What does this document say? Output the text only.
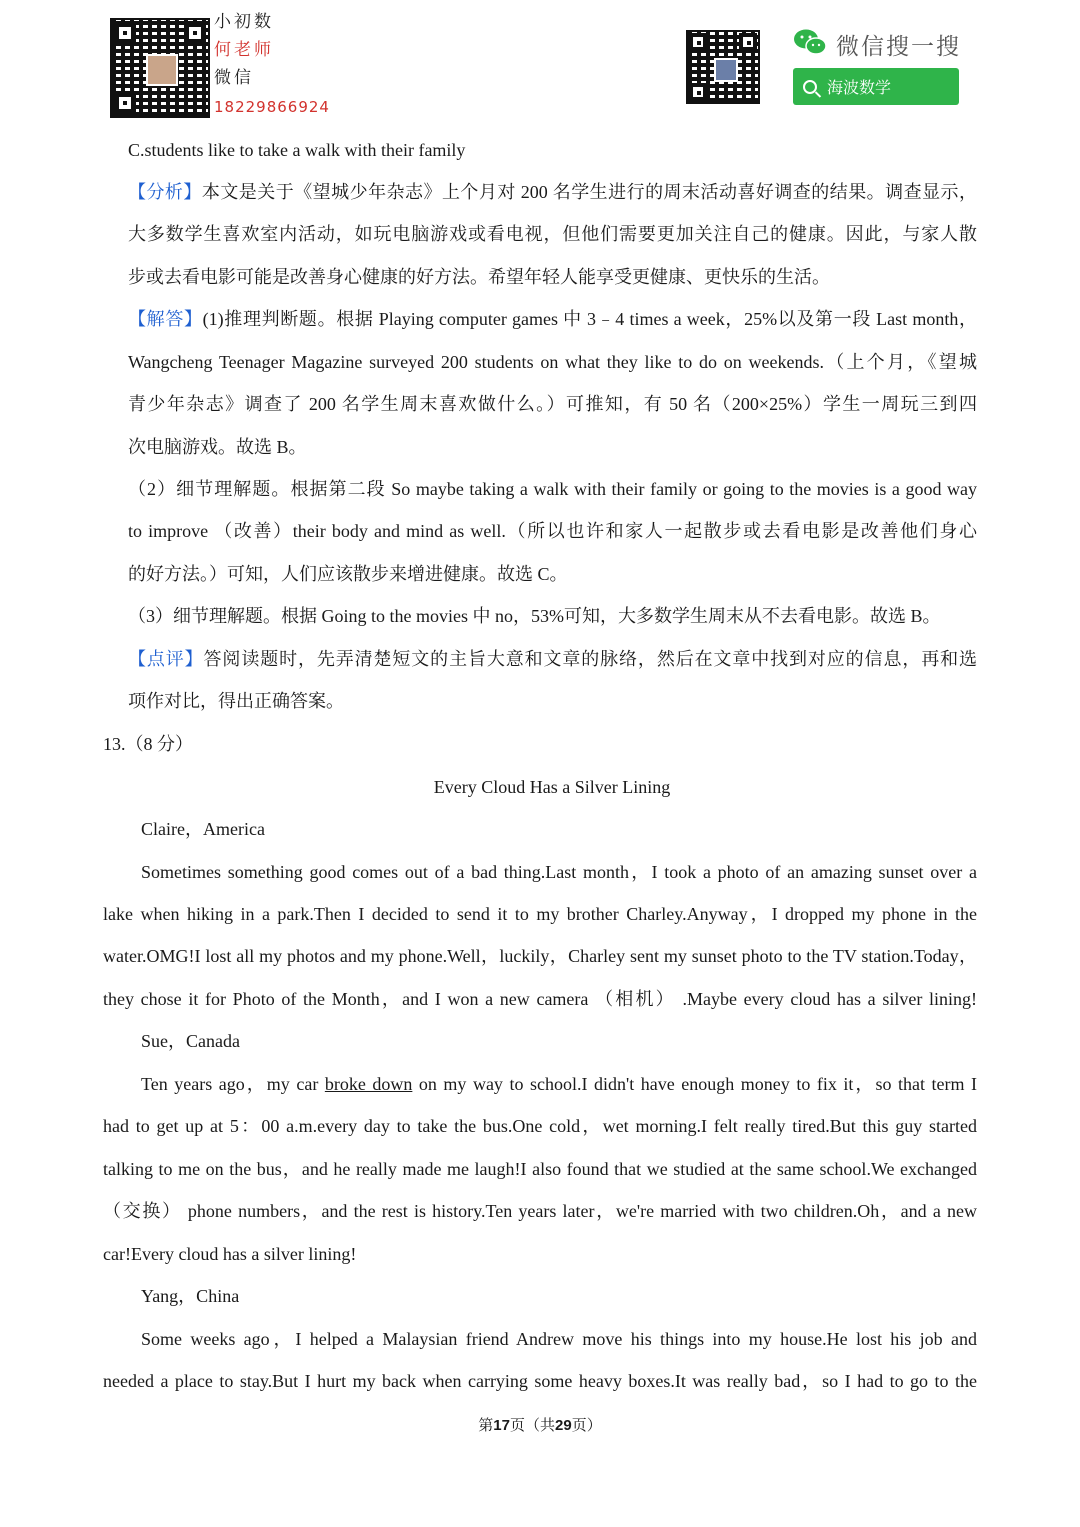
小初数
何老师
微信
18229866924
微信搜一搜
海波数学
C.students like to take a walk with their family
【分析】本文是关于《望城少年杂志》上个月对 200 名学生进行的周末活动喜好调查的结果。调查显示，
大多数学生喜欢室内活动，如玩电脑游戏或看电视，但他们需要更加关注自己的健康。因此，与家人散
步或去看电影可能是改善身心健康的好方法。希望年轻人能享受更健康、更快乐的生活。
【解答】(1)推理判断题。根据 Playing computer games 中 3﹣4 times a week，25%以及第一段 Last month，
Wangcheng Teenager Magazine surveyed 200 students on what they like to do on weekends.（上个月，《望城
青少年杂志》调查了 200 名学生周末喜欢做什么。）可推知，有 50 名（200×25%）学生一周玩三到四
次电脑游戏。故选 B。
（2）细节理解题。根据第二段 So maybe taking a walk with their family or going to the movies is a good way
to improve （改善）their body and mind as well.（所以也许和家人一起散步或去看电影是改善他们身心
的好方法。）可知，人们应该散步来增进健康。故选 C。
（3）细节理解题。根据 Going to the movies 中 no，53%可知，大多数学生周末从不去看电影。故选 B。
【点评】答阅读题时，先弄清楚短文的主旨大意和文章的脉络，然后在文章中找到对应的信息，再和选
项作对比，得出正确答案。
13.（8 分）
Every Cloud Has a Silver Lining
Claire，America
Sometimes something good comes out of a bad thing.Last month，I took a photo of an amazing sunset over a
lake when hiking in a park.Then I decided to send it to my brother Charley.Anyway，I dropped my phone in the
water.OMG!I lost all my photos and my phone.Well，luckily，Charley sent my sunset photo to the TV station.Today，
they chose it for Photo of the Month，and I won a new camera （相机） .Maybe every cloud has a silver lining!
Sue，Canada
Ten years ago，my car broke down on my way to school.I didn't have enough money to fix it，so that term I
had to get up at 5：00 a.m.every day to take the bus.One cold，wet morning.I felt really tired.But this guy started
talking to me on the bus，and he really made me laugh!I also found that we studied at the same school.We exchanged
（交换） phone numbers，and the rest is history.Ten years later，we're married with two children.Oh，and a new
car!Every cloud has a silver lining!
Yang，China
Some weeks ago，I helped a Malaysian friend Andrew move his things into my house.He lost his job and
needed a place to stay.But I hurt my back when carrying some heavy boxes.It was really bad，so I had to go to the
第17页（共29页）
